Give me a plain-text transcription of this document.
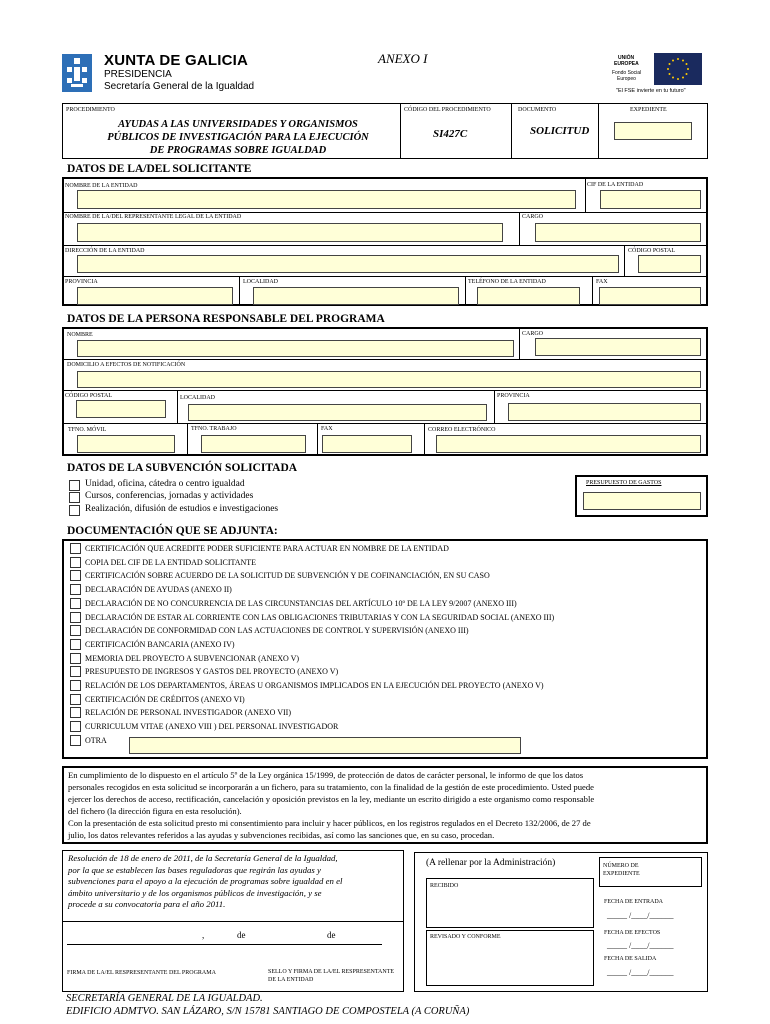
XUNTA DE GALICIA
PRESIDENCIA
Secretaría General de la Igualdad
ANEXO I	UNIÓN
EUROPEA
Fondo Social
Europeo
"El FSE invierte en tu futuro"
PROCEDIMIENTO
AYUDAS A LAS UNIVERSIDADES Y ORGANISMOS
PÚBLICOS DE INVESTIGACIÓN PARA LA EJECUCIÓN
DE PROGRAMAS SOBRE IGUALDAD
CÓDIGO DEL PROCEDIMIENTO
SI427C
DOCUMENTO
SOLICITUD
EXPEDIENTE
DATOS DE LA/DEL SOLICITANTE
NOMBRE DE LA ENTIDAD	CIF DE LA ENTIDAD
NOMBRE DE LA/DEL REPRESENTANTE LEGAL DE LA ENTIDAD	CARGO
DIRECCIÓN DE LA ENTIDAD	CÓDIGO POSTAL
PROVINCIA	LOCALIDAD	TELÉFONO DE LA ENTIDAD	FAX
DATOS DE LA PERSONA RESPONSABLE DEL PROGRAMA
NOMBRE	CARGO
DOMICILIO A EFECTOS DE NOTIFICACIÓN
CÓDIGO POSTAL	LOCALIDAD	PROVINCIA
TFNO. MÓVIL	TFNO. TRABAJO	FAX	CORREO ELECTRÓNICO
DATOS DE LA SUBVENCIÓN SOLICITADA
Unidad, oficina, cátedra o centro igualdad
Cursos, conferencias, jornadas y actividades
Realización, difusión de estudios e investigaciones
PRESUPUESTO DE GASTOS
DOCUMENTACIÓN QUE SE ADJUNTA:
CERTIFICACIÓN QUE ACREDITE PODER SUFICIENTE PARA ACTUAR EN NOMBRE DE LA ENTIDAD
COPIA DEL CIF DE LA ENTIDAD SOLICITANTE
CERTIFICACIÓN SOBRE ACUERDO DE LA SOLICITUD DE SUBVENCIÓN Y DE COFINANCIACIÓN, EN SU CASO
DECLARACIÓN DE AYUDAS (ANEXO II)
DECLARACIÓN DE NO CONCURRENCIA DE LAS CIRCUNSTANCIAS DEL ARTÍCULO 10º DE LA LEY 9/2007 (ANEXO III)
DECLARACIÓN DE ESTAR AL CORRIENTE CON LAS OBLIGACIONES TRIBUTARIAS Y CON LA SEGURIDAD SOCIAL (ANEXO III)
DECLARACIÓN DE CONFORMIDAD CON LAS ACTUACIONES DE CONTROL Y SUPERVISIÓN (ANEXO III)
CERTIFICACIÓN BANCARIA (ANEXO IV)
MEMORIA DEL PROYECTO A SUBVENCIONAR (ANEXO V)
PRESUPUESTO DE INGRESOS Y GASTOS DEL PROYECTO (ANEXO V)
RELACIÓN DE LOS DEPARTAMENTOS, ÁREAS U ORGANISMOS IMPLICADOS EN LA EJECUCIÓN DEL PROYECTO (ANEXO V)
CERTIFICACIÓN DE CRÉDITOS (ANEXO VI)
RELACIÓN DE PERSONAL INVESTIGADOR (ANEXO VII)
CURRICULUM VITAE (ANEXO VIII ) DEL PERSONAL INVESTIGADOR
OTRA
En cumplimiento de lo dispuesto en el artículo 5º de la Ley orgánica 15/1999, de protección de datos de carácter personal, le informo de que los datos
personales recogidos en esta solicitud se incorporarán a un fichero, para su tratamiento, con la finalidad de la gestión de este procedimiento. Usted puede
ejercer los derechos de acceso, rectificación, cancelación y oposición previstos en la ley, mediante un escrito dirigido a este organismo como responsable
del fichero (la dirección figura en esta resolución).
Con la presentación de esta solicitud presto mi consentimiento para incluir y hacer públicos, en los registros regulados en el Decreto 132/2006, de 27 de
julio, los datos relevantes referidos a las ayudas y subvenciones recibidas, así como las sanciones que, en su caso, procedan.
Resolución de 18 de enero de 2011, de la Secretaría General de la Igualdad,
por la que se establecen las bases reguladoras que regirán las ayudas y
subvenciones para el apoyo a la ejecución de programas sobre igualdad en el
ámbito universitario y de los organismos públicos de investigación, y se
procede a su convocatoria para el año 2011.
,	de	de
FIRMA DE LA/EL RESPRESENTANTE DEL PROGRAMA	SELLO Y FIRMA DE LA/EL RESPRESENTANTE DE LA ENTIDAD
(A rellenar por la Administración)
RECIBIDO
REVISADO Y CONFORME
NÚMERO DE EXPEDIENTE
FECHA DE ENTRADA
_____ /____/______
FECHA DE EFECTOS
_____ /____/______
FECHA DE SALIDA
_____ /____/______
SECRETARÍA GENERAL DE LA IGUALDAD.
EDIFICIO ADMTVO. SAN LÁZARO, S/N 15781 SANTIAGO DE COMPOSTELA (A CORUÑA)
